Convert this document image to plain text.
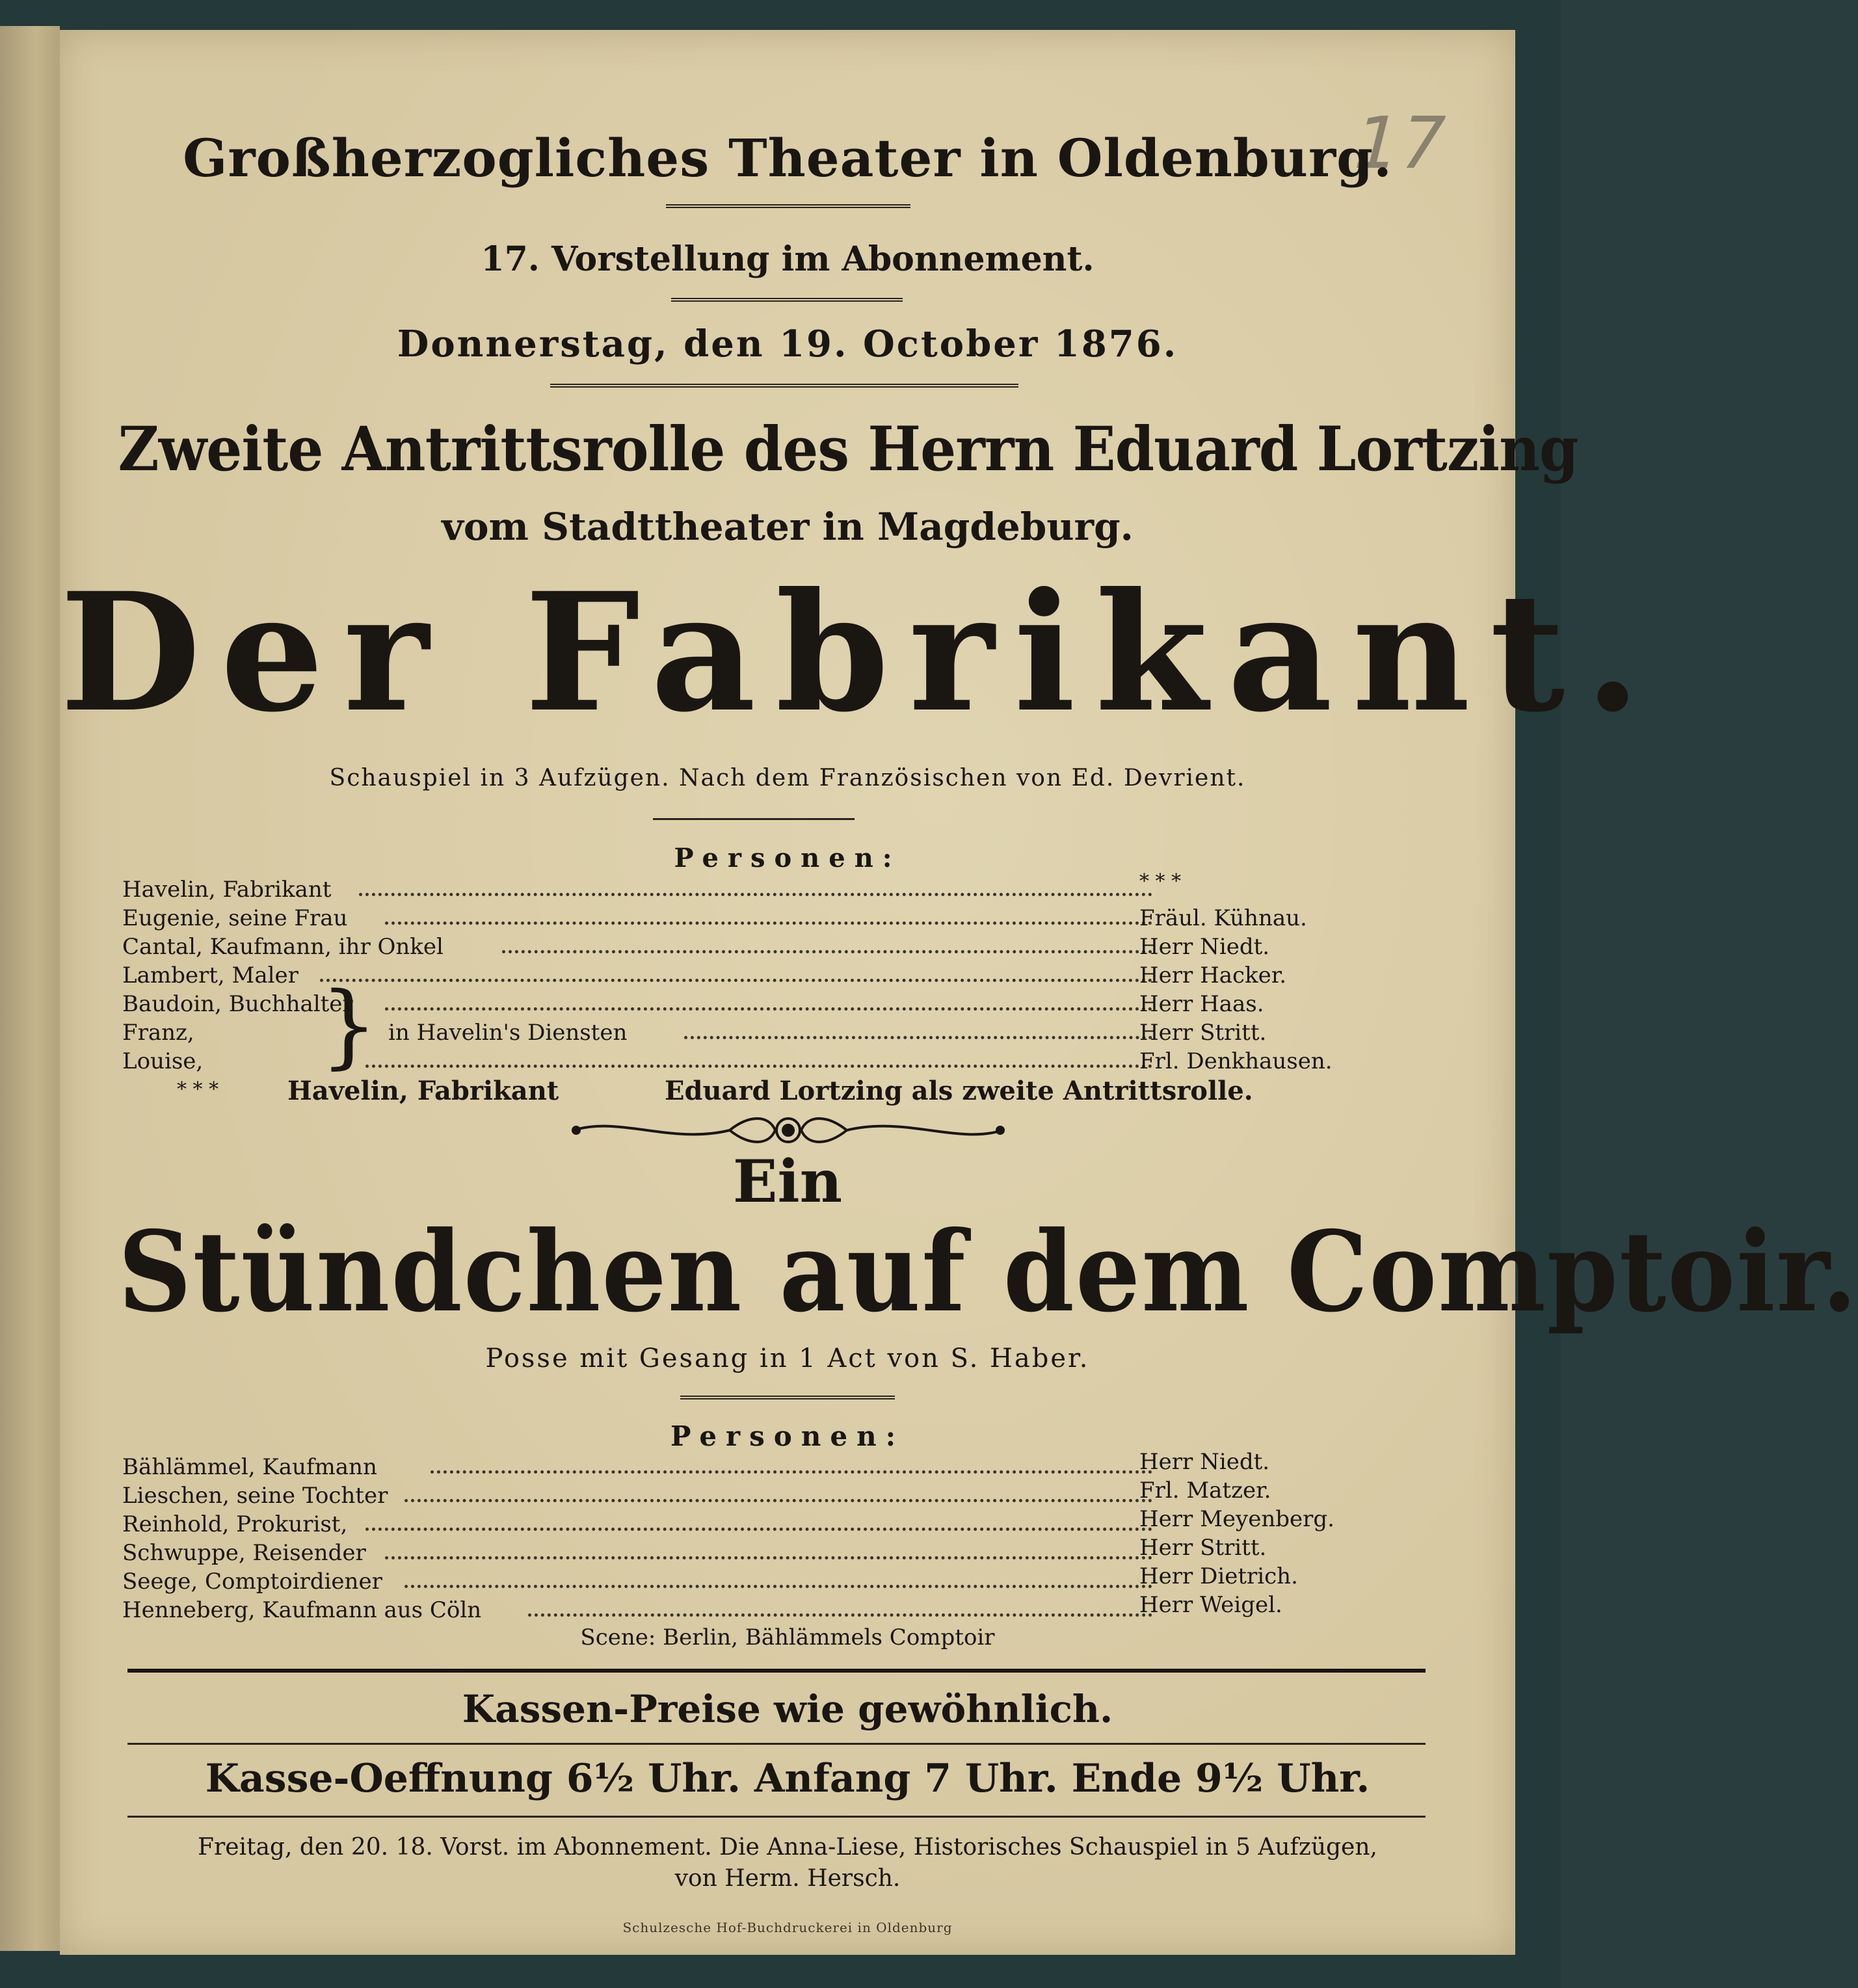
17
Großherzogliches Theater in Oldenburg.
17. Vorstellung im Abonnement.
Donnerstag, den 19. October 1876.
Zweite Antrittsrolle des Herrn Eduard Lortzing
vom Stadttheater in Magdeburg.
Der Fabrikant.
Schauspiel in 3 Aufzügen. Nach dem Französischen von Ed. Devrient.
Personen:
Havelin, Fabrikant	* * *
Eugenie, seine Frau	Fräul. Kühnau.
Cantal, Kaufmann, ihr Onkel	Herr Niedt.
Lambert, Maler	Herr Hacker.
Baudoin, Buchhalter	Herr Haas.
Franz,	in Havelin's Diensten	Herr Stritt.
Louise,	Frl. Denkhausen.
}
* * *	Havelin, Fabrikant	Eduard Lortzing als zweite Antrittsrolle.
Ein
Stündchen auf dem Comptoir.
Posse mit Gesang in 1 Act von S. Haber.
Personen:
Bählämmel, Kaufmann	Herr Niedt.
Lieschen, seine Tochter	Frl. Matzer.
Reinhold, Prokurist,	Herr Meyenberg.
Schwuppe, Reisender	Herr Stritt.
Seege, Comptoirdiener	Herr Dietrich.
Henneberg, Kaufmann aus Cöln	Herr Weigel.
Scene: Berlin, Bählämmels Comptoir
Kassen-Preise wie gewöhnlich.
Kasse-Oeffnung 6½ Uhr. Anfang 7 Uhr. Ende 9½ Uhr.
Freitag, den 20. 18. Vorst. im Abonnement. Die Anna-Liese, Historisches Schauspiel in 5 Aufzügen,
von Herm. Hersch.
Schulzesche Hof-Buchdruckerei in Oldenburg
